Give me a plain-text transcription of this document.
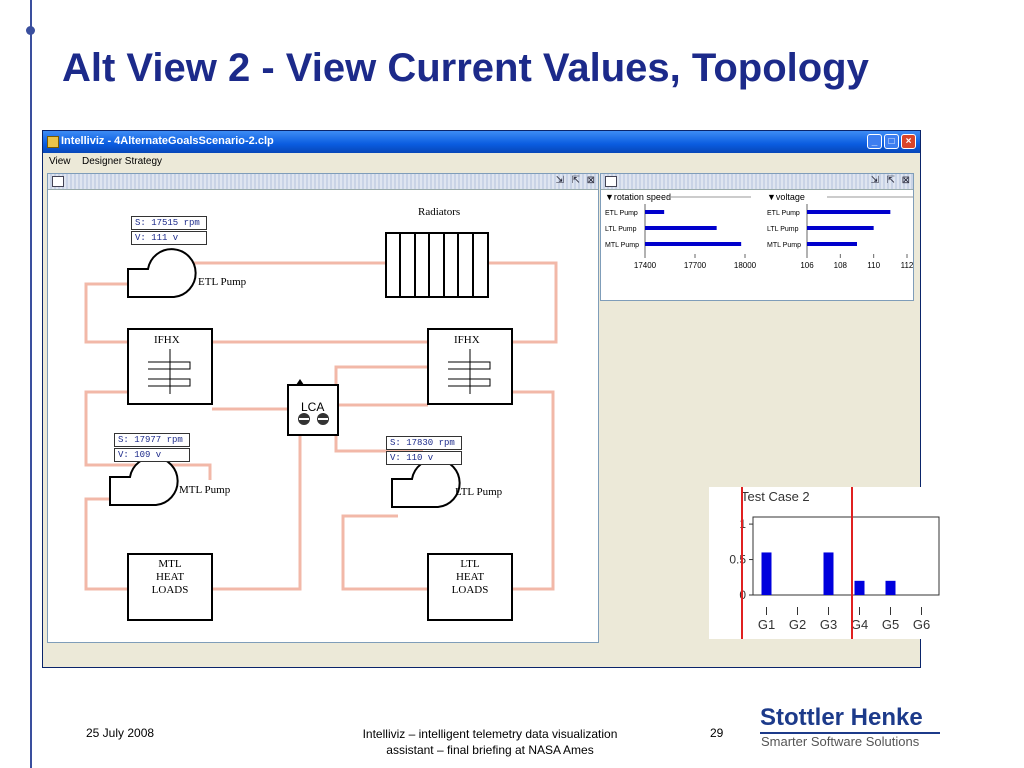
Alt View 2 - View Current Values, Topology
Intelliviz - 4AlternateGoalsScenario-2.clp	_	□	×
View Designer Strategy
⇲ ⇱ ⊠
Radiators
ETL Pump
MTL Pump	LTL Pump
IFHX	IFHX
LCA
MTL
HEAT
LOADS
LTL
HEAT
LOADS
S: 17515 rpm
V: 111 v
S: 17977 rpm
V: 109 v
S: 17830 rpm
V: 110 v
⇲ ⇱ ⊠
▼rotation speed
ETL Pump
LTL Pump
MTL Pump
17400	17700	18000
▼voltage
ETL Pump
LTL Pump
MTL Pump
106 108	110	112
Test Case 2
1
0.5
0
G1 G2 G3 G4 G5 G6
25 July 2008	Intelliviz – intelligent telemetry data visualization
assistant – final briefing at NASA Ames
29
Stottler Henke
Smarter Software Solutions
